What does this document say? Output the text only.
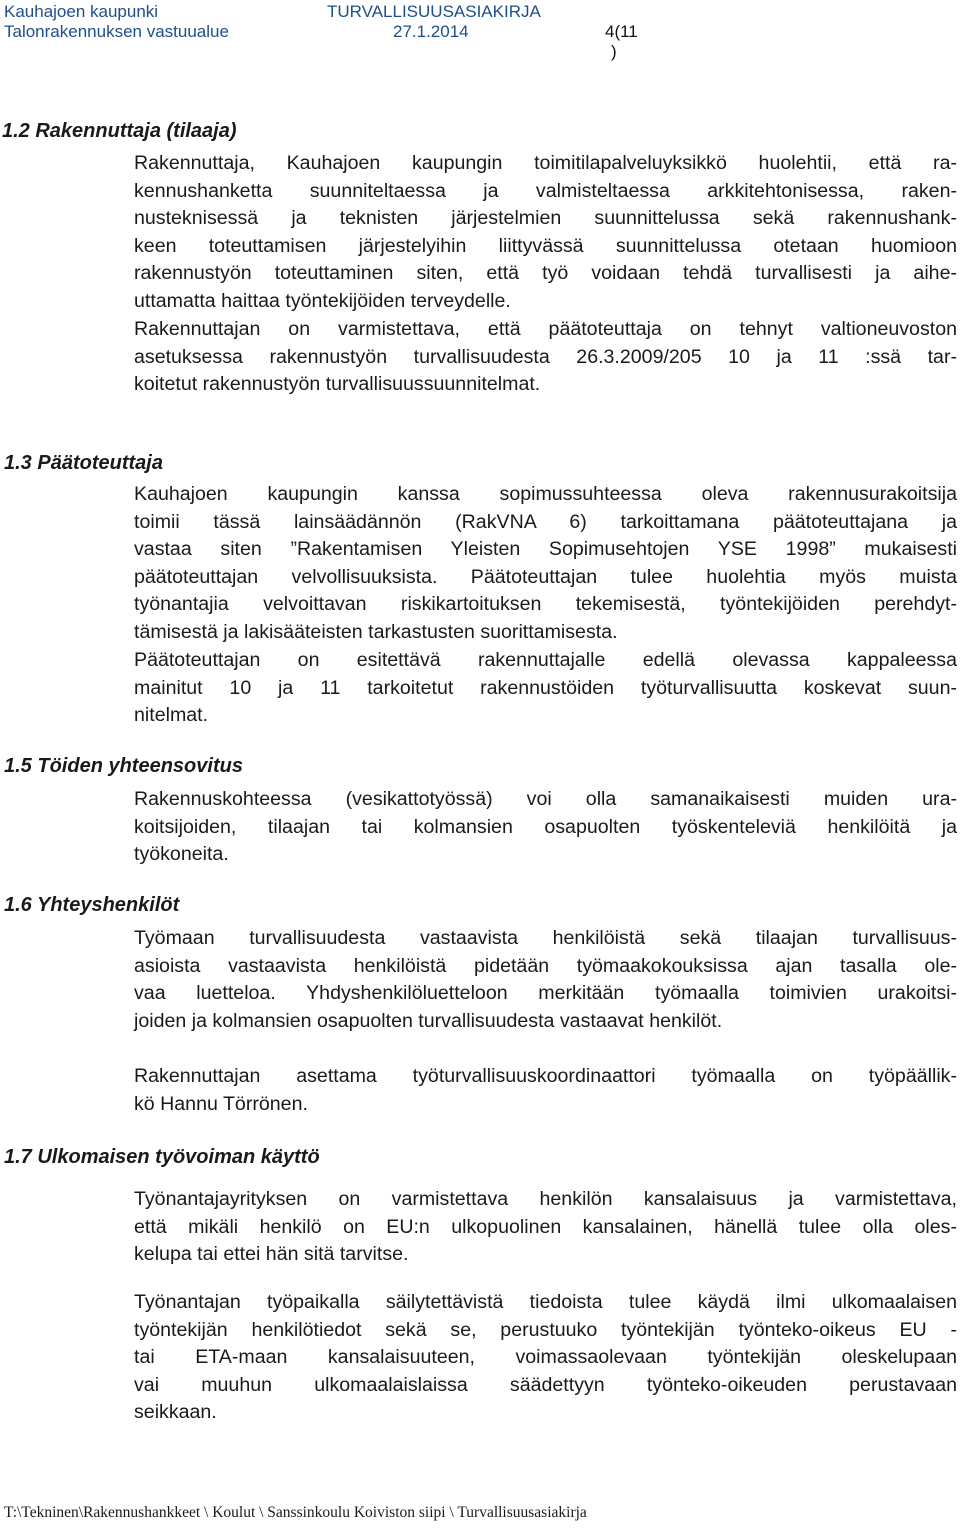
Kauhajoen kaupunki
Talonrakennuksen vastuualue
TURVALLISUUSASIAKIRJA
27.1.2014	4(11
)
1.2 Rakennuttaja (tilaaja)
Rakennuttaja, Kauhajoen kaupungin toimitilapalveluyksikkö huolehtii, että ra-
kennushanketta suunniteltaessa ja valmisteltaessa arkkitehtonisessa, raken-
nusteknisessä ja teknisten järjestelmien suunnittelussa sekä rakennushank-
keen toteuttamisen järjestelyihin liittyvässä suunnittelussa otetaan huomioon
rakennustyön toteuttaminen siten, että työ voidaan tehdä turvallisesti ja aihe-
uttamatta haittaa työntekijöiden terveydelle.
Rakennuttajan on varmistettava, että päätoteuttaja on tehnyt valtioneuvoston
asetuksessa rakennustyön turvallisuudesta 26.3.2009/205 10 ja 11 :ssä tar-
koitetut rakennustyön turvallisuussuunnitelmat.
1.3 Päätoteuttaja
Kauhajoen kaupungin kanssa sopimussuhteessa oleva rakennusurakoitsija
toimii tässä lainsäädännön (RakVNA 6) tarkoittamana päätoteuttajana ja
vastaa siten ”Rakentamisen Yleisten Sopimusehtojen YSE 1998” mukaisesti
päätoteuttajan velvollisuuksista. Päätoteuttajan tulee huolehtia myös muista
työnantajia velvoittavan riskikartoituksen tekemisestä, työntekijöiden perehdyt-
tämisestä ja lakisääteisten tarkastusten suorittamisesta.
Päätoteuttajan on esitettävä rakennuttajalle edellä olevassa kappaleessa
mainitut 10 ja 11 tarkoitetut rakennustöiden työturvallisuutta koskevat suun-
nitelmat.
1.5 Töiden yhteensovitus
Rakennuskohteessa (vesikattotyössä) voi olla samanaikaisesti muiden ura-
koitsijoiden, tilaajan tai kolmansien osapuolten työskenteleviä henkilöitä ja
työkoneita.
1.6 Yhteyshenkilöt
Työmaan turvallisuudesta vastaavista henkilöistä sekä tilaajan turvallisuus-
asioista vastaavista henkilöistä pidetään työmaakokouksissa ajan tasalla ole-
vaa luetteloa. Yhdyshenkilöluetteloon merkitään työmaalla toimivien urakoitsi-
joiden ja kolmansien osapuolten turvallisuudesta vastaavat henkilöt.
Rakennuttajan asettama työturvallisuuskoordinaattori työmaalla on työpäällik-
kö Hannu Törrönen.
1.7 Ulkomaisen työvoiman käyttö
Työnantajayrityksen on varmistettava henkilön kansalaisuus ja varmistettava,
että mikäli henkilö on EU:n ulkopuolinen kansalainen, hänellä tulee olla oles-
kelupa tai ettei hän sitä tarvitse.
Työnantajan työpaikalla säilytettävistä tiedoista tulee käydä ilmi ulkomaalaisen
työntekijän henkilötiedot sekä se, perustuuko työntekijän työnteko-oikeus EU -
tai ETA-maan kansalaisuuteen, voimassaolevaan työntekijän oleskelupaan
vai muuhun ulkomaalaislaissa säädettyyn työnteko-oikeuden perustavaan
seikkaan.
T:\Tekninen\Rakennushankkeet \ Koulut \ Sanssinkoulu Koiviston siipi \ Turvallisuusasiakirja
